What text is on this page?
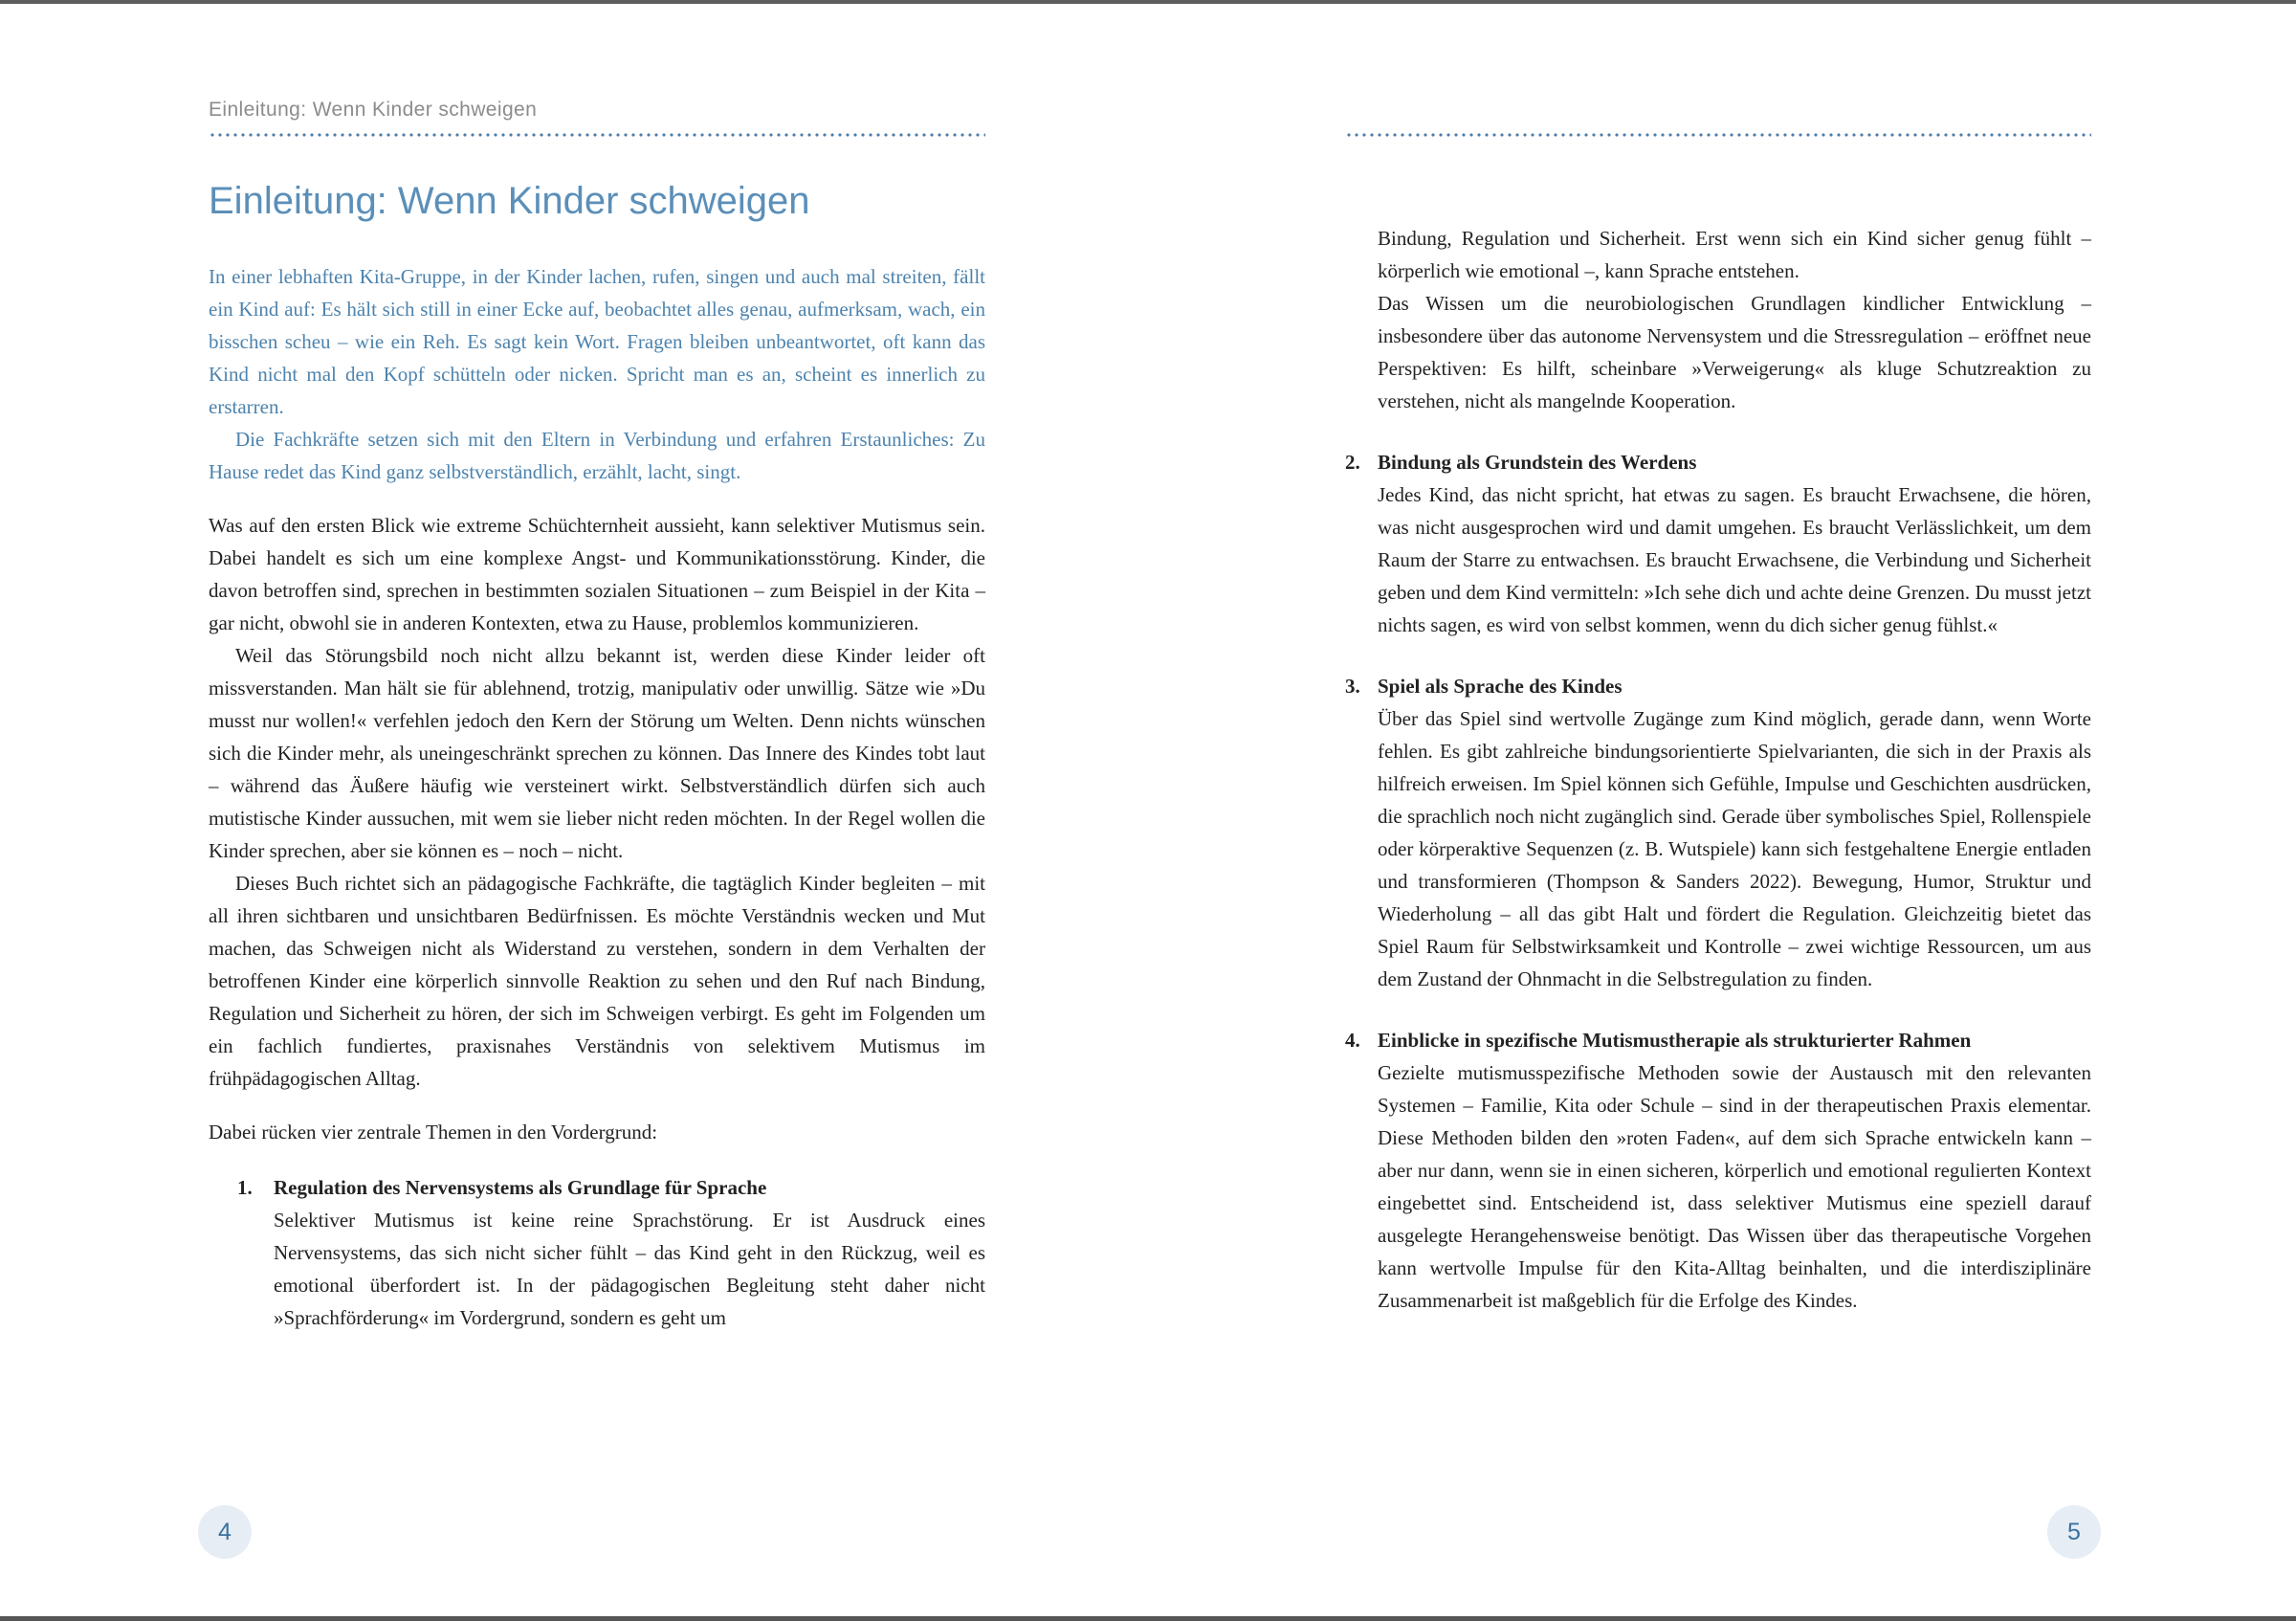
Einleitung: Wenn Kinder schweigen
Einleitung: Wenn Kinder schweigen

In einer lebhaften Kita-Gruppe, in der Kinder lachen, rufen, singen und auch mal streiten, fällt ein Kind auf: Es hält sich still in einer Ecke auf, beobachtet alles genau, aufmerksam, wach, ein bisschen scheu – wie ein Reh. Es sagt kein Wort. Fragen bleiben unbeantwortet, oft kann das Kind nicht mal den Kopf schütteln oder nicken. Spricht man es an, scheint es innerlich zu erstarren.

Die Fachkräfte setzen sich mit den Eltern in Verbindung und erfahren Erstaunliches: Zu Hause redet das Kind ganz selbstverständlich, erzählt, lacht, singt.

Was auf den ersten Blick wie extreme Schüchternheit aussieht, kann selektiver Mutismus sein. Dabei handelt es sich um eine komplexe Angst- und Kommunikationsstörung. Kinder, die davon betroffen sind, sprechen in bestimmten sozialen Situationen – zum Beispiel in der Kita – gar nicht, obwohl sie in anderen Kontexten, etwa zu Hause, problemlos kommunizieren.

Weil das Störungsbild noch nicht allzu bekannt ist, werden diese Kinder leider oft missverstanden. Man hält sie für ablehnend, trotzig, manipulativ oder unwillig. Sätze wie »Du musst nur wollen!« verfehlen jedoch den Kern der Störung um Welten. Denn nichts wünschen sich die Kinder mehr, als uneingeschränkt sprechen zu können. Das Innere des Kindes tobt laut – während das Äußere häufig wie versteinert wirkt. Selbstverständlich dürfen sich auch mutistische Kinder aussuchen, mit wem sie lieber nicht reden möchten. In der Regel wollen die Kinder sprechen, aber sie können es – noch – nicht.

Dieses Buch richtet sich an pädagogische Fachkräfte, die tagtäglich Kinder begleiten – mit all ihren sichtbaren und unsichtbaren Bedürfnissen. Es möchte Verständnis wecken und Mut machen, das Schweigen nicht als Widerstand zu verstehen, sondern in dem Verhalten der betroffenen Kinder eine körperlich sinnvolle Reaktion zu sehen und den Ruf nach Bindung, Regulation und Sicherheit zu hören, der sich im Schweigen verbirgt. Es geht im Folgenden um ein fachlich fundiertes, praxisnahes Verständnis von selektivem Mutismus im frühpädagogischen Alltag.

Dabei rücken vier zentrale Themen in den Vordergrund:

1.	Regulation des Nervensystems als Grundlage für Sprache

Selektiver Mutismus ist keine reine Sprachstörung. Er ist Ausdruck eines Nervensystems, das sich nicht sicher fühlt – das Kind geht in den Rückzug, weil es emotional überfordert ist. In der pädagogischen Begleitung steht daher nicht »Sprachförderung« im Vordergrund, sondern es geht um

Bindung, Regulation und Sicherheit. Erst wenn sich ein Kind sicher genug fühlt – körperlich wie emotional –, kann Sprache entstehen.

Das Wissen um die neurobiologischen Grundlagen kindlicher Entwicklung – insbesondere über das autonome Nervensystem und die Stressregulation – eröffnet neue Perspektiven: Es hilft, scheinbare »Verweigerung« als kluge Schutzreaktion zu verstehen, nicht als mangelnde Kooperation.

2. Bindung als Grundstein des Werdens

Jedes Kind, das nicht spricht, hat etwas zu sagen. Es braucht Erwachsene, die hören, was nicht ausgesprochen wird und damit umgehen. Es braucht Verlässlichkeit, um dem Raum der Starre zu entwachsen. Es braucht Erwachsene, die Verbindung und Sicherheit geben und dem Kind vermitteln: »Ich sehe dich und achte deine Grenzen. Du musst jetzt nichts sagen, es wird von selbst kommen, wenn du dich sicher genug fühlst.«

3. Spiel als Sprache des Kindes

Über das Spiel sind wertvolle Zugänge zum Kind möglich, gerade dann, wenn Worte fehlen. Es gibt zahlreiche bindungsorientierte Spielvarianten, die sich in der Praxis als hilfreich erweisen. Im Spiel können sich Gefühle, Impulse und Geschichten ausdrücken, die sprachlich noch nicht zugänglich sind. Gerade über symbolisches Spiel, Rollenspiele oder körperaktive Sequenzen (z. B. Wutspiele) kann sich festgehaltene Energie entladen und transformieren (Thompson & Sanders 2022). Bewegung, Humor, Struktur und Wiederholung – all das gibt Halt und fördert die Regulation. Gleichzeitig bietet das Spiel Raum für Selbstwirksamkeit und Kontrolle – zwei wichtige Ressourcen, um aus dem Zustand der Ohnmacht in die Selbstregulation zu finden.

4. Einblicke in spezifische Mutismustherapie als strukturierter Rahmen

Gezielte mutismusspezifische Methoden sowie der Austausch mit den relevanten Systemen – Familie, Kita oder Schule – sind in der therapeutischen Praxis elementar. Diese Methoden bilden den »roten Faden«, auf dem sich Sprache entwickeln kann – aber nur dann, wenn sie in einen sicheren, körperlich und emotional regulierten Kontext eingebettet sind. Entscheidend ist, dass selektiver Mutismus eine speziell darauf ausgelegte Herangehensweise benötigt. Das Wissen über das therapeutische Vorgehen kann wertvolle Impulse für den Kita-Alltag beinhalten, und die interdisziplinäre Zusammenarbeit ist maßgeblich für die Erfolge des Kindes.

4	5
